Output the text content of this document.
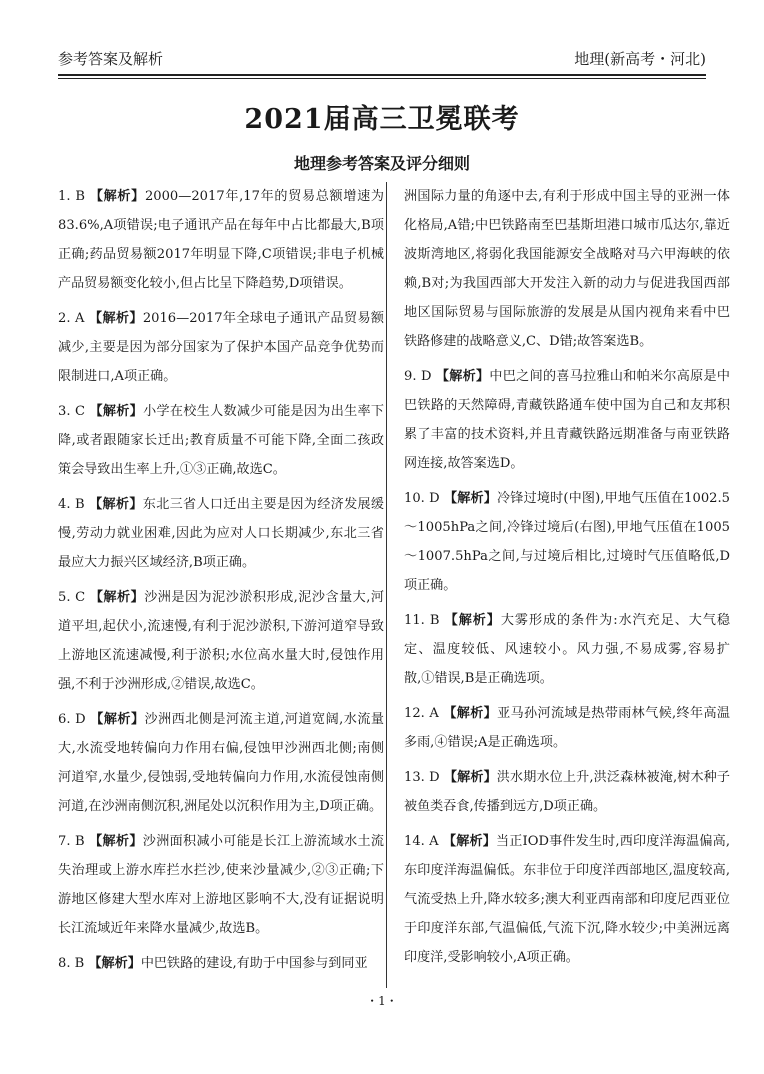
参考答案及解析	地理(新高考・河北)
2021届高三卫冕联考
地理参考答案及评分细则
1. B 【解析】2000—2017年,17年的贸易总额增速为83.6%,A项错误;电子通讯产品在每年中占比都最大,B项正确;药品贸易额2017年明显下降,C项错误;非电子机械产品贸易额变化较小,但占比呈下降趋势,D项错误。
2. A 【解析】2016—2017年全球电子通讯产品贸易额减少,主要是因为部分国家为了保护本国产品竞争优势而限制进口,A项正确。
3. C 【解析】小学在校生人数减少可能是因为出生率下降,或者跟随家长迁出;教育质量不可能下降,全面二孩政策会导致出生率上升,①③正确,故选C。
4. B 【解析】东北三省人口迁出主要是因为经济发展缓慢,劳动力就业困难,因此为应对人口长期减少,东北三省最应大力振兴区域经济,B项正确。
5. C 【解析】沙洲是因为泥沙淤积形成,泥沙含量大,河道平坦,起伏小,流速慢,有利于泥沙淤积,下游河道窄导致上游地区流速减慢,利于淤积;水位高水量大时,侵蚀作用强,不利于沙洲形成,②错误,故选C。
6. D 【解析】沙洲西北侧是河流主道,河道宽阔,水流量大,水流受地转偏向力作用右偏,侵蚀甲沙洲西北侧;南侧河道窄,水量少,侵蚀弱,受地转偏向力作用,水流侵蚀南侧河道,在沙洲南侧沉积,洲尾处以沉积作用为主,D项正确。
7. B 【解析】沙洲面积减小可能是长江上游流域水土流失治理或上游水库拦水拦沙,使来沙量减少,②③正确;下游地区修建大型水库对上游地区影响不大,没有证据说明长江流域近年来降水量减少,故选B。
8. B 【解析】中巴铁路的建设,有助于中国参与到同亚
洲国际力量的角逐中去,有利于形成中国主导的亚洲一体化格局,A错;中巴铁路南至巴基斯坦港口城市瓜达尔,靠近波斯湾地区,将弱化我国能源安全战略对马六甲海峡的依赖,B对;为我国西部大开发注入新的动力与促进我国西部地区国际贸易与国际旅游的发展是从国内视角来看中巴铁路修建的战略意义,C、D错;故答案选B。
9. D 【解析】中巴之间的喜马拉雅山和帕米尔高原是中巴铁路的天然障碍,青藏铁路通车使中国为自己和友邦积累了丰富的技术资料,并且青藏铁路远期准备与南亚铁路网连接,故答案选D。
10. D 【解析】冷锋过境时(中图),甲地气压值在1002.5～1005hPa之间,冷锋过境后(右图),甲地气压值在1005～1007.5hPa之间,与过境后相比,过境时气压值略低,D项正确。
11. B 【解析】大雾形成的条件为:水汽充足、大气稳定、温度较低、风速较小。风力强,不易成雾,容易扩散,①错误,B是正确选项。
12. A 【解析】亚马孙河流域是热带雨林气候,终年高温多雨,④错误;A是正确选项。
13. D 【解析】洪水期水位上升,洪泛森林被淹,树木种子被鱼类吞食,传播到远方,D项正确。
14. A 【解析】当正IOD事件发生时,西印度洋海温偏高,东印度洋海温偏低。东非位于印度洋西部地区,温度较高,气流受热上升,降水较多;澳大利亚西南部和印度尼西亚位于印度洋东部,气温偏低,气流下沉,降水较少;中美洲远离印度洋,受影响较小,A项正确。
・1・
